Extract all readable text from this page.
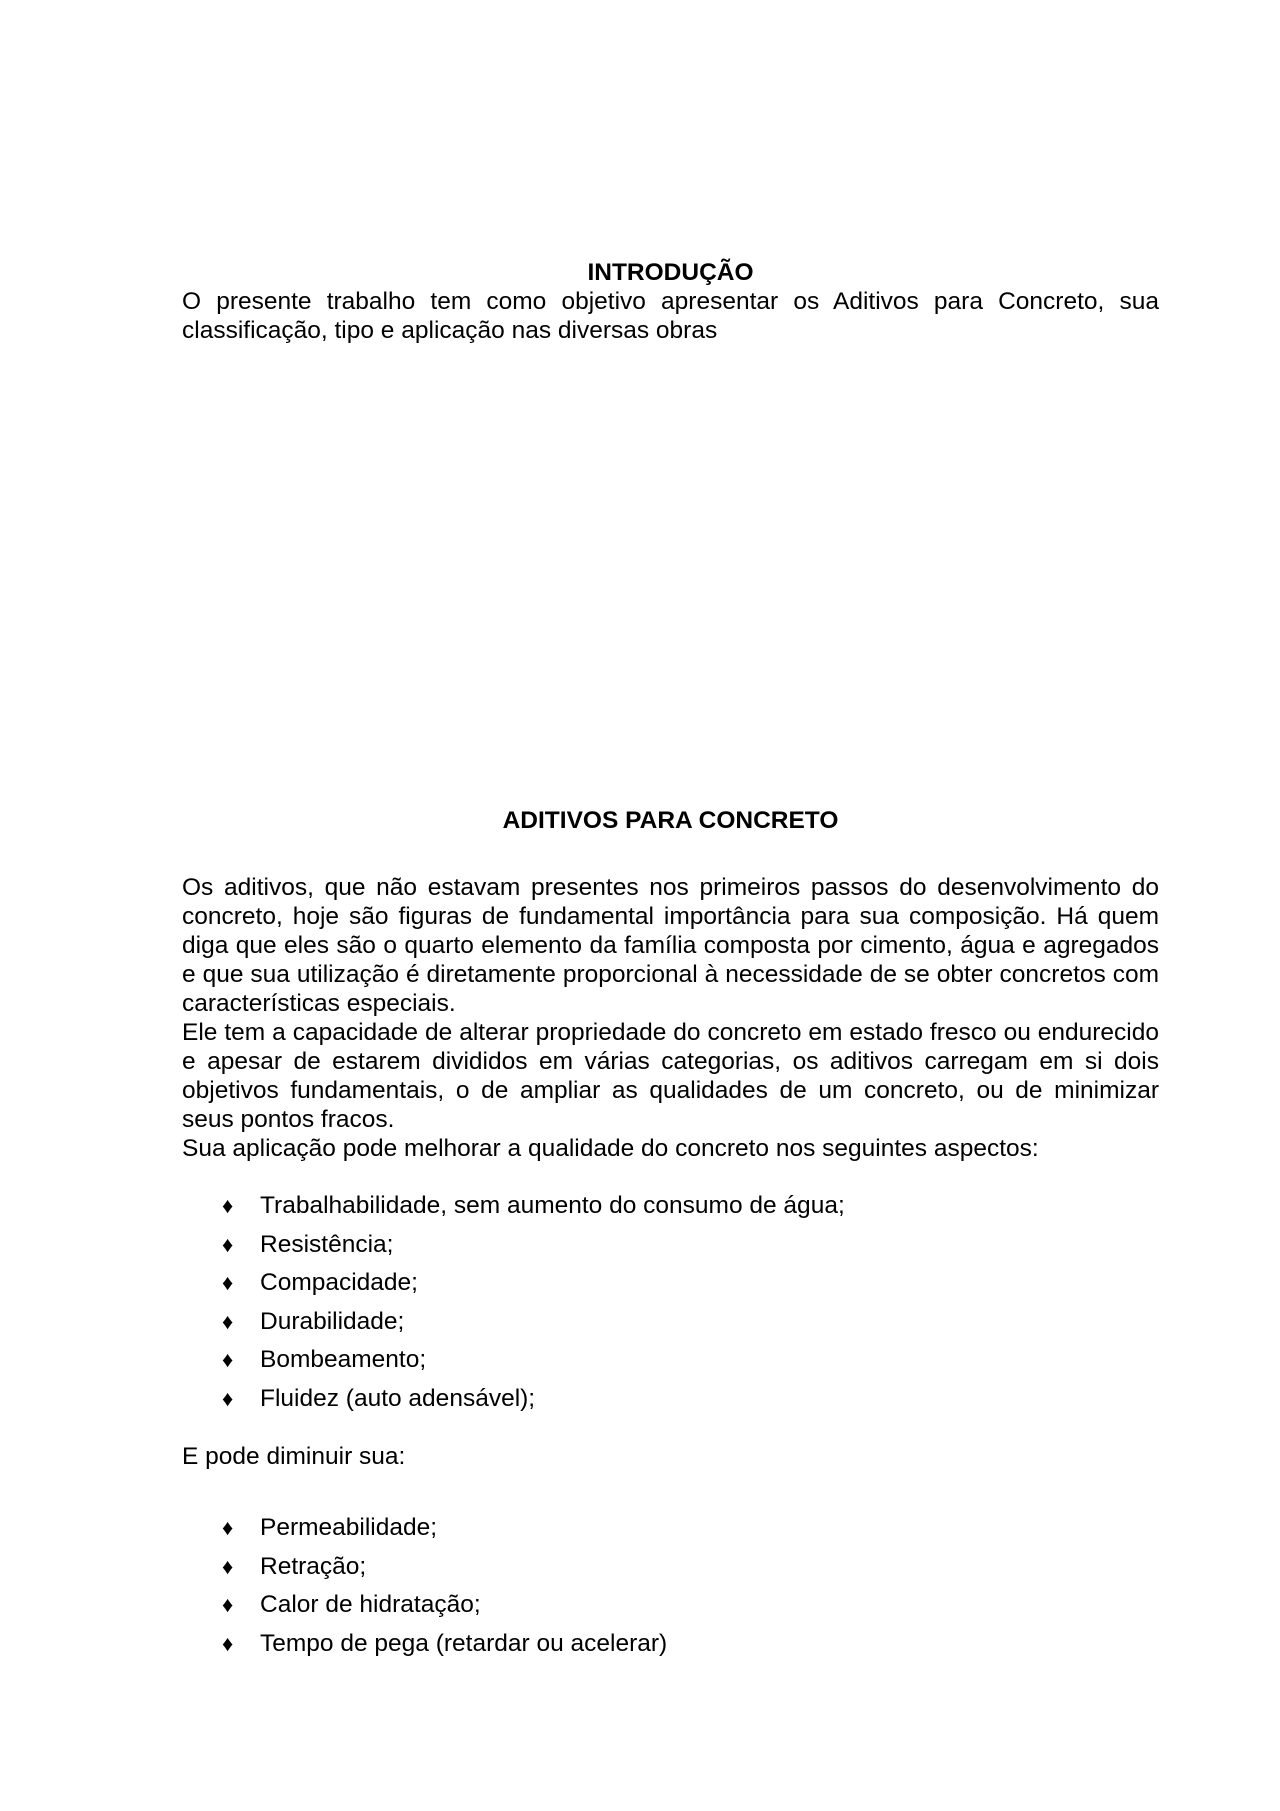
INTRODUÇÃO

O presente trabalho tem como objetivo apresentar os Aditivos para Concreto, sua classificação, tipo e aplicação nas diversas obras

ADITIVOS PARA CONCRETO

Os aditivos, que não estavam presentes nos primeiros passos do desenvolvimento do concreto, hoje são figuras de fundamental importância para sua composição. Há quem diga que eles são o quarto elemento da família composta por cimento, água e agregados e que sua utilização é diretamente proporcional à necessidade de se obter concretos com características especiais.

Ele tem a capacidade de alterar propriedade do concreto em estado fresco ou endurecido e apesar de estarem divididos em várias categorias, os aditivos carregam em si dois objetivos fundamentais, o de ampliar as qualidades de um concreto, ou de minimizar seus pontos fracos.

Sua aplicação pode melhorar a qualidade do concreto nos seguintes aspectos:

♦ Trabalhabilidade, sem aumento do consumo de água;
♦ Resistência;
♦ Compacidade;
♦ Durabilidade;
♦ Bombeamento;
♦ Fluidez (auto adensável);

E pode diminuir sua:

♦ Permeabilidade;
♦ Retração;
♦ Calor de hidratação;
♦ Tempo de pega (retardar ou acelerar)
